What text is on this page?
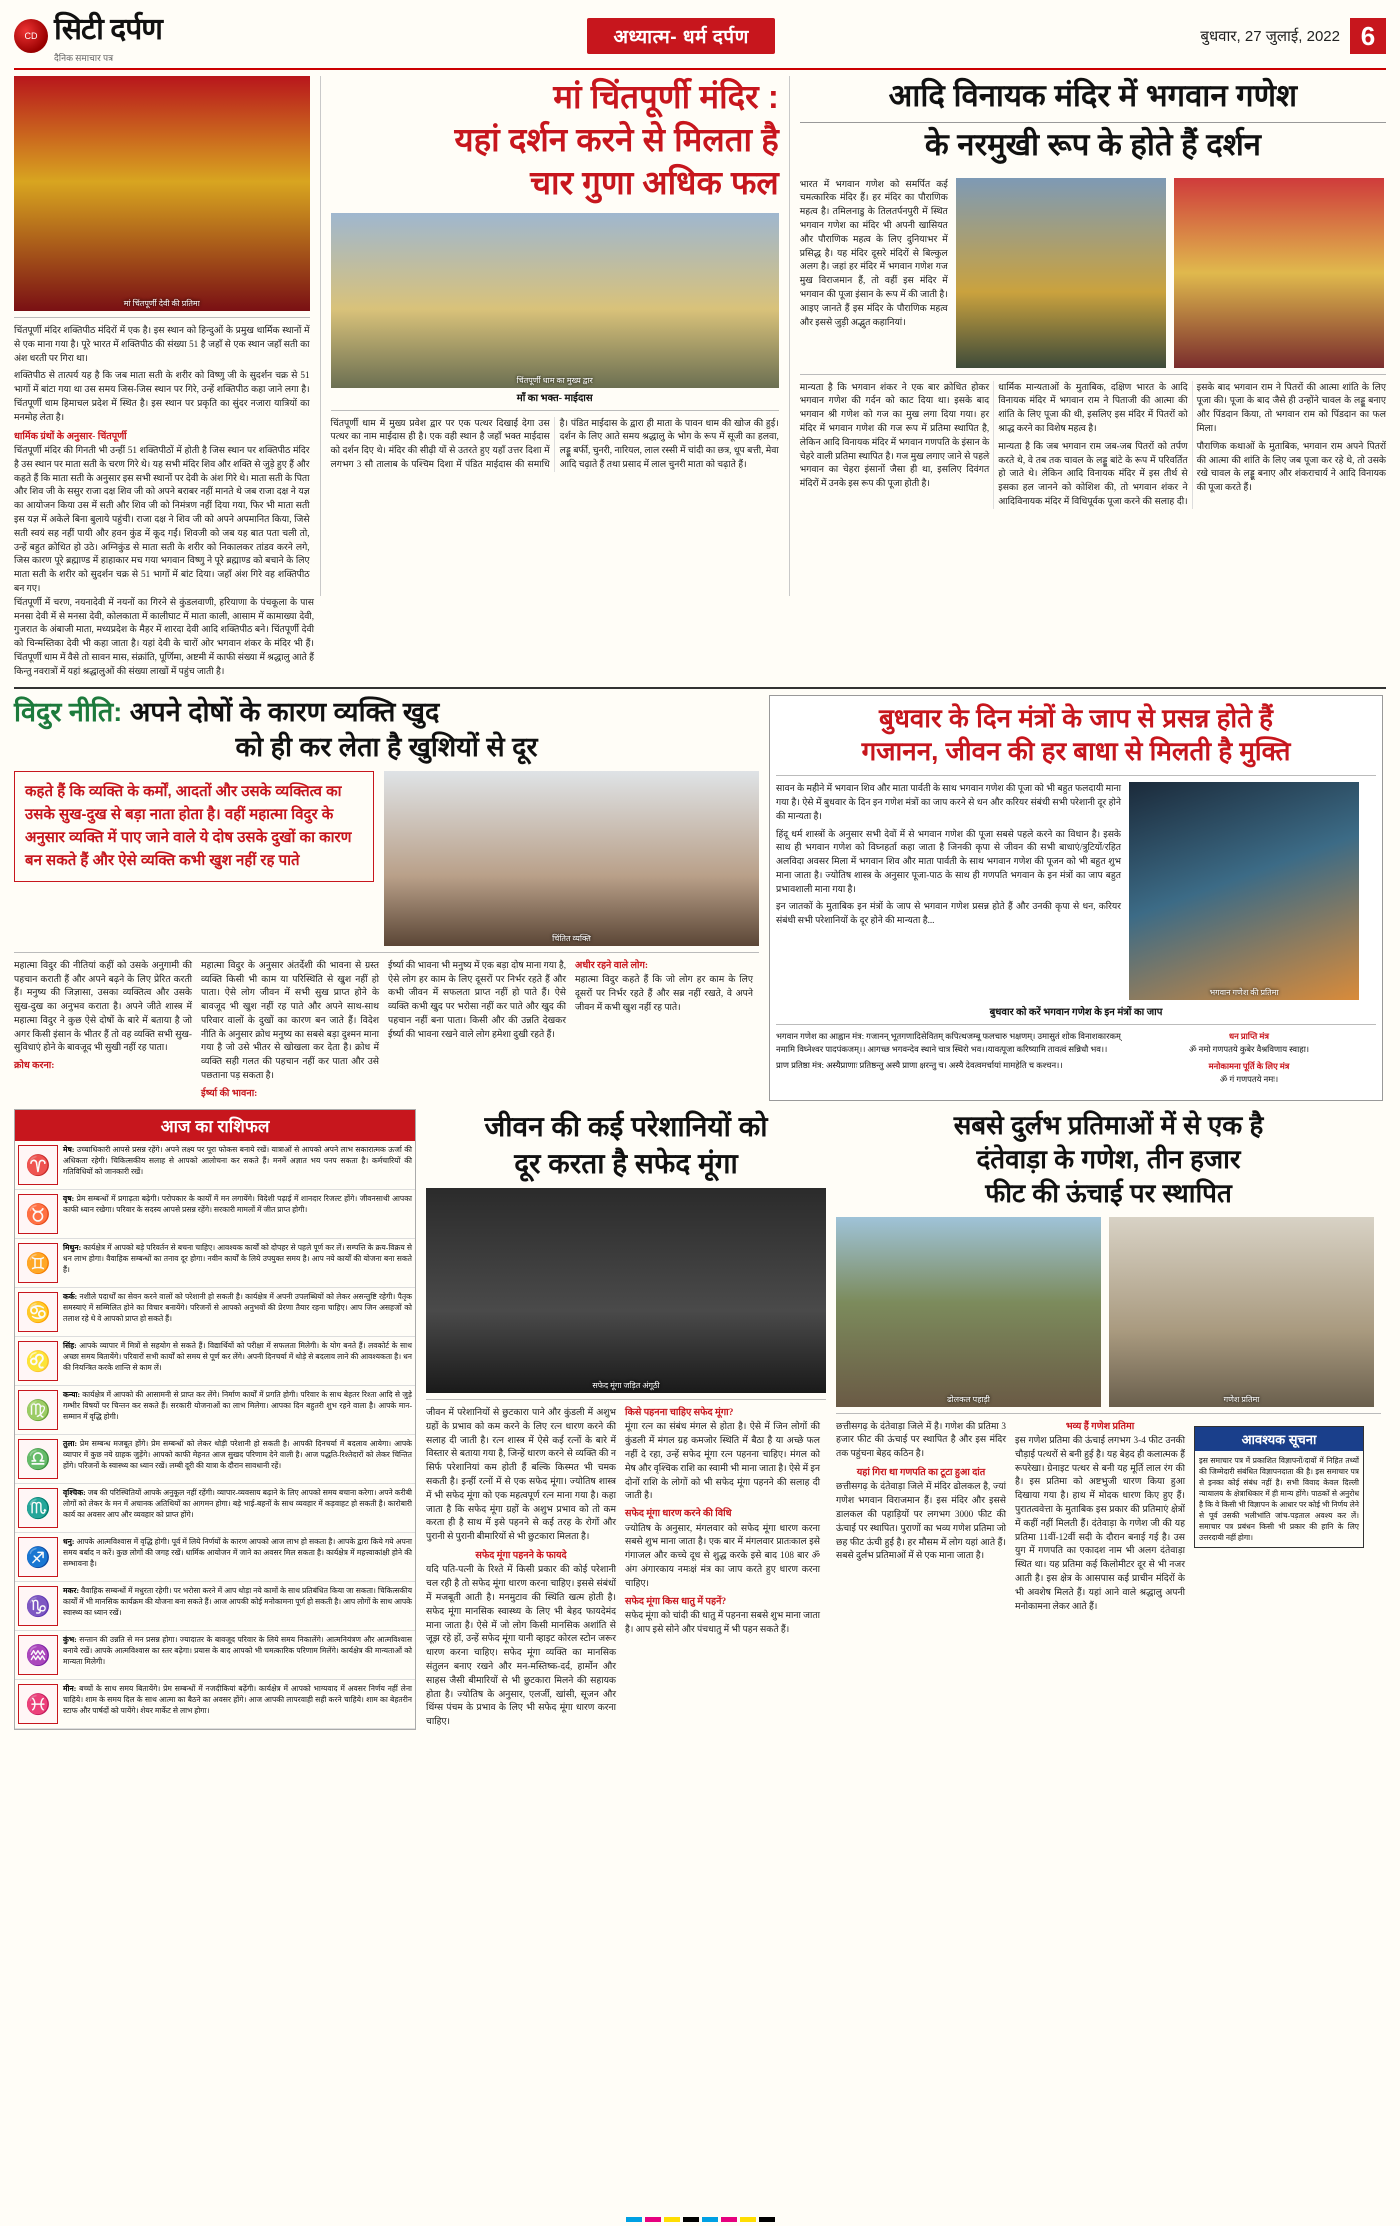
CD सिटी दर्पण
दैनिक समाचार पत्र
अध्यात्म- धर्म दर्पण	बुधवार, 27 जुलाई, 2022 6
मां चिंतपूर्णी देवी की प्रतिमा
चिंतपूर्णी मंदिर शक्तिपीठ मंदिरों में एक है। इस स्थान को हिन्दुओं के प्रमुख धार्मिक स्थानों में से एक माना गया है। पूरे भारत में शक्तिपीठ की संख्या 51 है जहाँ से एक स्थान जहाँ सती का अंश धरती पर गिरा था।
शक्तिपीठ से तात्पर्य यह है कि जब माता सती के शरीर को विष्णु जी के सुदर्शन चक्र से 51 भागों में बांटा गया था उस समय जिस-जिस स्थान पर गिरे, उन्हें शक्तिपीठ कहा जाने लगा है। चिंतपूर्णी धाम हिमाचल प्रदेश में स्थित है। इस स्थान पर प्रकृति का सुंदर नजारा यात्रियों का मनमोह लेता है।
धार्मिक ग्रंथों के अनुसार- चिंतपूर्णी
चिंतपूर्णी मंदिर की गिनती भी उन्हीं 51 शक्तिपीठों में होती है जिस स्थान पर शक्तिपीठ मंदिर है उस स्थान पर माता सती के चरण गिरे थे। यह सभी मंदिर शिव और शक्ति से जुड़े हुए हैं और कहते हैं कि माता सती के अनुसार इस सभी स्थानों पर देवी के अंश गिरे थे। माता सती के पिता और शिव जी के ससुर राजा दक्ष शिव जी को अपने बराबर नहीं मानते थे जब राजा दक्ष ने यज्ञ का आयोजन किया उस में सती और शिव जी को निमंत्रण नहीं दिया गया, फिर भी माता सती इस यज्ञ में अकेले बिना बुलाये पहुंची। राजा दक्ष ने शिव जी को अपने अपमानित किया, जिसे सती स्वयं सह नहीं पायी और हवन कुंड में कूद गईं। शिवजी को जब यह बात पता चली तो, उन्हें बहुत क्रोधित हो उठे। अग्निकुंड से माता सती के शरीर को निकालकर तांडव करने लगे, जिस कारण पूरे ब्रह्माण्ड में हाहाकार मच गया भगवान विष्णु ने पूरे ब्रह्माण्ड को बचाने के लिए माता सती के शरीर को सुदर्शन चक्र से 51 भागों में बांट दिया। जहाँ अंश गिरे वह शक्तिपीठ बन गए।
मां चिंतपूर्णी मंदिर :
यहां दर्शन करने से मिलता है
चार गुणा अधिक फल
चिंतपूर्णी धाम का मुख्य द्वार
माँ का भक्त- माईदास
चिंतपूर्णी धाम में मुख्य प्रवेश द्वार पर एक पत्थर दिखाई देगा उस पत्थर का नाम माईदास ही है। एक वही स्थान है जहाँ भक्त माईदास को दर्शन दिए थे। मंदिर की सीढ़ी यों से उतरते हुए यहाँ उत्तर दिशा में लगभग 3 सौ तालाब के पश्चिम दिशा में पंडित माईदास की समाधि है। पंडित माईदास के द्वारा ही माता के पावन धाम की खोज की हुई। दर्शन के लिए आते समय श्रद्धालु के भोग के रूप में सूजी का हलवा, लड्डू बर्फी, चुनरी, नारियल, लाल रस्सी में चांदी का छत्र, धूप बत्ती, मेवा आदि चढ़ाते हैं तथा प्रसाद में लाल चुनरी माता को चढ़ाते हैं।
आदि विनायक मंदिर में भगवान गणेश
के नरमुखी रूप के होते हैं दर्शन
भारत में भगवान गणेश को समर्पित कई चमत्कारिक मंदिर हैं। हर मंदिर का पौराणिक महत्व है। तमिलनाडु के तिलतर्पनपुरी में स्थित भगवान गणेश का मंदिर भी अपनी खासियत और पौराणिक महत्व के लिए दुनियाभर में प्रसिद्ध है। यह मंदिर दूसरे मंदिरों से बिल्कुल अलग है। जहां हर मंदिर में भगवान गणेश गज मुख विराजमान हैं, तो वहीं इस मंदिर में भगवान की पूजा इंसान के रूप में की जाती है। आइए जानते हैं इस मंदिर के पौराणिक महत्व और इससे जुड़ी अद्भुत कहानियां।
मान्यता है कि भगवान शंकर ने एक बार क्रोधित होकर भगवान गणेश की गर्दन को काट दिया था। इसके बाद भगवान श्री गणेश को गज का मुख लगा दिया गया। हर मंदिर में भगवान गणेश की गज रूप में प्रतिमा स्थापित है, लेकिन आदि विनायक मंदिर में भगवान गणपति के इंसान के चेहरे वाली प्रतिमा स्थापित है। गज मुख लगाए जाने से पहले भगवान का चेहरा इंसानों जैसा ही था, इसलिए दिवंगत मंदिरों में उनके इस रूप की पूजा होती है।
धार्मिक मान्यताओं के मुताबिक, दक्षिण भारत के आदि विनायक मंदिर में भगवान राम ने पिताजी की आत्मा की शांति के लिए पूजा की थी, इसलिए इस मंदिर में पितरों को श्राद्ध करने का विशेष महत्व है।
मान्यता है कि जब भगवान राम जब-जब पितरों को तर्पण करते थे, वे तब तक चावल के लड्डू बांटे के रूप में परिवर्तित हो जाते थे। लेकिन आदि विनायक मंदिर में इस तीर्थ से इसका हल जानने को कोशिश की, तो भगवान शंकर ने आदिविनायक मंदिर में विधिपूर्वक पूजा करने की सलाह दी। इसके बाद भगवान राम ने पितरों की आत्मा शांति के लिए पूजा की। पूजा के बाद जैसे ही उन्होंने चावल के लड्डू बनाए और पिंडदान किया, तो भगवान राम को पिंडदान का फल मिला।
पौराणिक कथाओं के मुताबिक, भगवान राम अपने पितरों की आत्मा की शांति के लिए जब पूजा कर रहे थे, तो उसके रखे चावल के लड्डू बनाए और शंकराचार्य ने आदि विनायक की पूजा करते हैं।
चिंतपूर्णी में चरण, नयनादेवी में नयनों का गिरने से कुंडलवाणी, हरियाणा के पंचकूला के पास मनसा देवी में से मनसा देवी, कोलकाता में कालीघाट में माता काली, आसाम में कामाख्या देवी, गुजरात के अंबाजी माता, मध्यप्रदेश के मैहर में शारदा देवी आदि शक्तिपीठ बने। चिंतपूर्णी देवी को चिन्मस्तिका देवी भी कहा जाता है। यहां देवी के चारों ओर भगवान शंकर के मंदिर भी हैं। चिंतपूर्णी धाम में वैसे तो सावन मास, संक्रांति, पूर्णिमा, अष्टमी में काफी संख्या में श्रद्धालु आते हैं किन्तु नवरात्रों में यहां श्रद्धालुओं की संख्या लाखों में पहुंच जाती है।
विदुर नीति: अपने दोषों के कारण व्यक्ति खुद
को ही कर लेता है खुशियों से दूर
कहते हैं कि व्यक्ति के कर्मों, आदतों और उसके व्यक्तित्व का उसके सुख-दुख से बड़ा नाता होता है। वहीं महात्मा विदुर के अनुसार व्यक्ति में पाए जाने वाले ये दोष उसके दुखों का कारण बन सकते हैं और ऐसे व्यक्ति कभी खुश नहीं रह पाते
चिंतित व्यक्ति
महात्मा विदुर की नीतियां कहीं को उसके अनुगामी की पहचान कराती हैं और अपने बढ़ने के लिए प्रेरित करती हैं। मनुष्य की जिज्ञासा, उसका व्यक्तित्व और उसके सुख-दुख का अनुभव कराता है। अपने जीते शास्त्र में महात्मा विदुर ने कुछ ऐसे दोषों के बारे में बताया है जो अगर किसी इंसान के भीतर हैं तो वह व्यक्ति सभी सुख-सुविधाएं होने के बावजूद भी सुखी नहीं रह पाता।
क्रोध करना:
महात्मा विदुर के अनुसार अंतर्देशी की भावना से ग्रस्त व्यक्ति किसी भी काम या परिस्थिति से खुश नहीं हो पाता। ऐसे लोग जीवन में सभी सुख प्राप्त होने के बावजूद भी खुश नहीं रह पाते और अपने साथ-साथ परिवार वालों के दुखों का कारण बन जाते हैं। विदेश नीति के अनुसार क्रोध मनुष्य का सबसे बड़ा दुश्मन माना गया है जो उसे भीतर से खोखला कर देता है। क्रोध में व्यक्ति सही गलत की पहचान नहीं कर पाता और उसे पछताना पड़ सकता है।
ईर्ष्या की भावना:
ईर्ष्या की भावना भी मनुष्य में एक बड़ा दोष माना गया है, ऐसे लोग हर काम के लिए दूसरों पर निर्भर रहते हैं और कभी जीवन में सफलता प्राप्त नहीं हो पाते हैं। ऐसे व्यक्ति कभी खुद पर भरोसा नहीं कर पाते और खुद की पहचान नहीं बना पाता। किसी और की उन्नति देखकर ईर्ष्या की भावना रखने वाले लोग हमेशा दुखी रहते हैं।
अधीर रहने वाले लोग:
महात्मा विदुर कहते हैं कि जो लोग हर काम के लिए दूसरों पर निर्भर रहते हैं और सब्र नहीं रखते, वे अपने जीवन में कभी खुश नहीं रह पाते।
बुधवार के दिन मंत्रों के जाप से प्रसन्न होते हैं
गजानन, जीवन की हर बाधा से मिलती है मुक्ति
सावन के महीने में भगवान शिव और माता पार्वती के साथ भगवान गणेश की पूजा को भी बहुत फलदायी माना गया है। ऐसे में बुधवार के दिन इन गणेश मंत्रों का जाप करने से धन और करियर संबंधी सभी परेशानी दूर होने की मान्यता है।
हिंदू धर्म शास्त्रों के अनुसार सभी देवों में से भगवान गणेश की पूजा सबसे पहले करने का विधान है। इसके साथ ही भगवान गणेश को विघ्नहर्ता कहा जाता है जिनकी कृपा से जीवन की सभी बाधाएं/त्रुटियों/रहित अलविदा अवसर मिला में भगवान शिव और माता पार्वती के साथ भगवान गणेश की पूजन को भी बहुत शुभ माना जाता है। ज्योतिष शास्त्र के अनुसार पूजा-पाठ के साथ ही गणपति भगवान के इन मंत्रों का जाप बहुत प्रभावशाली माना गया है।
इन जातकों के मुताबिक इन मंत्रों के जाप से भगवान गणेश प्रसन्न होते हैं और उनकी कृपा से धन, करियर संबंधी सभी परेशानियों के दूर होने की मान्यता है...
भगवान गणेश की प्रतिमा
बुधवार को करें भगवान गणेश के इन मंत्रों का जाप
भगवान गणेश का आह्वान मंत्र: गजानन् भूतगणादिसेवितम् कपित्थजम्बू फलचारु भक्षणम्। उमासुतं शोक विनाशकारकम् नमामि विघ्नेश्वर पादपंकजम्।। आगच्छ भगवन्देव स्थाने चात्र स्थिरो भव।।यावत्पूजा करिष्यामि तावत्वं सन्निधौ भव।।
प्राण प्रतिष्ठा मंत्र: अस्यैप्राणाः प्रतिष्ठन्तु अस्यै प्राणा क्षरन्तु च। अस्यै देवत्वमर्चायां मामहेति च कश्चन।।
धन प्राप्ति मंत्र
ॐ नमो गणपतये कुबेर वैश्रविणाय स्वाहा।
मनोकामना पूर्ति के लिए मंत्र
ॐ गं गणपतये नमः।
आज का राशिफल
♈
मेष: उच्चाधिकारी आपसे प्रसन्न रहेंगे। अपने लक्ष्य पर पूरा फोकस बनाये रखें। यात्राओं से आपको अपने लाभ सकारात्मक ऊर्जा की अधिकता रहेगी। चिकित्सकीय सलाह से आपको आलोचना कर सकते हैं। मनमें अज्ञात भय पनप सकता है। कर्मचारियों की गतिविधियों को जानकारी रखें।
♉
वृष: प्रेम सम्बन्धों में प्रगाढ़ता बढ़ेगी। परोपकार के कार्यों में मन लगायेंगे। विदेशी पढ़ाई में शानदार रिजल्ट होंगे। जीवनसाथी आपका काफी ध्यान रखेगा। परिवार के सदस्य आपसे प्रसन्न रहेंगे। सरकारी मामलों में जीत प्राप्त होगी।
♊
मिथुन: कार्यक्षेत्र में आपको बड़े परिवर्तन से बचना चाहिए। आवश्यक कार्यों को दोपहर से पहले पूर्ण कर लें। सम्पत्ति के क्रय-विक्रय से धन लाभ होगा। वैवाहिक सम्बन्धों का तनाव दूर होगा। नवीन कार्यों के लिये उपयुक्त समय है। आप नये कार्यों की योजना बना सकते हैं।
♋
कर्क: नशीले पदार्थों का सेवन करने वालों को परेशानी हो सकती है। कार्यक्षेत्र में अपनी उपलब्धियों को लेकर असन्तुष्टि रहेगी। पैतृक समस्याएं में सम्मिलित होने का विचार बनायेंगे। परिजनों से आपको अनुभवों की प्रेरणा तैयार रहना चाहिए। आप जिन असहजों को तलाश रहे थे वे आपको प्राप्त हो सकते हैं।
♌
सिंह: आपके व्यापार में मित्रों से सहयोग से सकते हैं। विद्यार्थियों को परीक्षा में सफलता मिलेगी। के योग बनते हैं। लवकोर्ट के साथ अच्छा समय बितायेंगे। परिवारों सभी कार्यों को समय से पूर्ण कर लेंगे। अपनी दिनचर्या में थोड़े से बदलाव लाने की आवश्यकता है। धन की नियन्त्रित करके शान्ति से काम लें।
♍
कन्या: कार्यक्षेत्र में आपको की आसामनी से प्राप्त कर लेंगे। निर्माण कार्यों में प्रगति होगी। परिवार के साथ बेहतर रिश्ता आदि से जुड़े गम्भीर विषयों पर चिन्तन कर सकते हैं। सरकारी योजनाओं का लाभ मिलेगा। आपका दिन बहुतरी शुभ रहने वाला है। आपके मान-सम्मान में वृद्धि होगी।
♎
तुला: प्रेम सम्बन्ध मजबूत होंगे। प्रेम सम्बन्धों को लेकर थोड़ी परेशानी हो सकती है। आपकी दिनचर्या में बदलाव आयेगा। आपके व्यापार में कुछ नये ग्राहक जुड़ेंगे। आपको काफी मेहनत आज सुखद परिणाम देने वाली है। आज पद्धति-रिश्तेदारों को लेकर चिन्तित होंगे। परिजनों के स्वास्थ्य का ध्यान रखें। लम्बी दूरी की यात्रा के दौरान सावधानी रहें।
♏
वृश्चिक: जब की परिस्थितियों आपके अनुकूल नहीं रहेंगी। व्यापार-व्यवसाय बढ़ाने के लिए आपको समय बचाना करेगा। अपने करीबी लोगों को लेकर के मन में अचानक अतिथियों का आगमन होगा। बड़े भाई-बहनों के साथ व्यवहार में कड़वाहट हो सकती है। कारोबारी कार्य का अवसर आप और व्यवहार को प्राप्त होंगे।
♐
धनु: आपके आत्मविश्वास में वृद्धि होगी। पूर्व में लिये निर्णयों के कारण आपको आज लाभ हो सकता है। आपके द्वारा किये गये अपना समय बर्बाद न करें। कुछ लोगों की जगह रखें। धार्मिक आयोजन में जाने का अवसर मिल सकता है। कार्यक्षेत्र में महत्त्वाकांक्षी होने की सम्भावना है।
♑
मकर: वैवाहिक सम्बन्धों में मधुरता रहेगी। पर भरोसा करने में आप थोड़ा नये कामों के साथ प्रतिबंधित किया जा सकता। चिकित्सकीय कार्यों में भी मानसिक कार्यक्रम की योजना बना सकते हैं। आज आपकी कोई मनोकामना पूर्ण हो सकती है। आप लोगों के साथ आपके स्वास्थ्य का ध्यान रखें।
♒
कुंभ: सन्तान की उन्नति से मन प्रसन्न होगा। ज्यादातर के बावजूद परिवार के लिये समय निकालेंगे। आत्मनियंत्रण और आत्मविश्वास बनाये रखें। आपके आत्मविश्वास का स्तर बढ़ेगा। प्रयास के बाद आपको भी चमत्कारिक परिणाम मिलेंगे। कार्यक्षेत्र की मान्यताओं को मान्यता मिलेगी।
♓
मीन: बच्चों के साथ समय बितायेंगे। प्रेम सम्बन्धों में नजदीकियां बढ़ेंगी। कार्यक्षेत्र में आपको भाग्यवाद में अवसर निर्णय नहीं लेना चाहिये। शाम के समय दिल के साथ आत्मा का बैठने का अवसर होंगे। आज आपकी लापरवाही सही करने चाहिये। शाम का बेहतरीन स्टाफ और पार्षदों को पायेंगे। शेयर मार्केट से लाभ होगा।
जीवन की कई परेशानियों को
दूर करता है सफेद मूंगा
सफेद मूंगा जड़ित अंगूठी
जीवन में परेशानियों से छुटकारा पाने और कुंडली में अशुभ ग्रहों के प्रभाव को कम करने के लिए रत्न धारण करने की सलाह दी जाती है। रत्न शास्त्र में ऐसे कई रत्नों के बारे में विस्तार से बताया गया है, जिन्हें धारण करने से व्यक्ति की न सिर्फ परेशानियां कम होती हैं बल्कि किस्मत भी चमक सकती है। इन्हीं रत्नों में से एक सफेद मूंगा। ज्योतिष शास्त्र में भी सफेद मूंगा को एक महत्वपूर्ण रत्न माना गया है। कहा जाता है कि सफेद मूंगा ग्रहों के अशुभ प्रभाव को तो कम करता ही है साथ में इसे पहनने से कई तरह के रोगों और पुरानी से पुरानी बीमारियों से भी छुटकारा मिलता है।
सफेद मूंगा पहनने के फायदे
यदि पति-पत्नी के रिश्ते में किसी प्रकार की कोई परेशानी चल रही है तो सफेद मूंगा धारण करना चाहिए। इससे संबंधों में मजबूती आती है। मनमुटाव की स्थिति खत्म होती है। सफेद मूंगा मानसिक स्वास्थ्य के लिए भी बेहद फायदेमंद माना जाता है। ऐसे में जो लोग किसी मानसिक अशांति से जूझ रहे हों, उन्हें सफेद मूंगा यानी व्हाइट कोरल स्टोन जरूर धारण करना चाहिए। सफेद मूंगा व्यक्ति का मानसिक संतुलन बनाए रखने और मन-मस्तिष्क-दर्द, हार्मोन और साहस जैसी बीमारियों से भी छुटकारा मिलने की सहायक होता है। ज्योतिष के अनुसार, एलर्जी, खांसी, सूजन और थिंग्स पंचम के प्रभाव के लिए भी सफेद मूंगा धारण करना चाहिए।
किसे पहनना चाहिए सफेद मूंगा?
मूंगा रत्न का संबंध मंगल से होता है। ऐसे में जिन लोगों की कुंडली में मंगल ग्रह कमजोर स्थिति में बैठा है या अच्छे फल नहीं दे रहा, उन्हें सफेद मूंगा रत्न पहनना चाहिए। मंगल को मेष और वृश्चिक राशि का स्वामी भी माना जाता है। ऐसे में इन दोनों राशि के लोगों को भी सफेद मूंगा पहनने की सलाह दी जाती है।
सफेद मूंगा धारण करने की विधि
ज्योतिष के अनुसार, मंगलवार को सफेद मूंगा धारण करना सबसे शुभ माना जाता है। एक बार में मंगलवार प्रातःकाल इसे गंगाजल और कच्चे दूध से शुद्ध करके इसे बाद 108 बार ॐ अंग अंगारकाय नमःक्षं मंत्र का जाप करते हुए धारण करना चाहिए।
सफेद मूंगा किस धातु में पहनें?
सफेद मूंगा को चांदी की धातु में पहनना सबसे शुभ माना जाता है। आप इसे सोने और पंचधातु में भी पहन सकते हैं।
सबसे दुर्लभ प्रतिमाओं में से एक है
दंतेवाड़ा के गणेश, तीन हजार
फीट की ऊंचाई पर स्थापित
ढोलकल पहाड़ी	गणेश प्रतिमा
छत्तीसगढ़ के दंतेवाड़ा जिले में है। गणेश की प्रतिमा 3 हजार फीट की ऊंचाई पर स्थापित है और इस मंदिर तक पहुंचना बेहद कठिन है।
यहां गिरा था गणपति का टूटा हुआ दांत
छत्तीसगढ़ के दंतेवाड़ा जिले में मंदिर ढोलकल है, ज्यां गणेश भगवान विराजमान हैं। इस मंदिर और इससे डालकल की पहाड़ियों पर लगभग 3000 फीट की ऊंचाई पर स्थापित। पुराणों का भव्य गणेश प्रतिमा जो छह फीट ऊंची हुई है। हर मौसम में लोग यहां आते हैं। सबसे दुर्लभ प्रतिमाओं में से एक माना जाता है।
भव्य हैं गणेश प्रतिमा
इस गणेश प्रतिमा की ऊंचाई लगभग 3-4 फीट उनकी चौड़ाई पत्थरों से बनी हुई है। यह बेहद ही कलात्मक हैं रूपरेखा। ग्रेनाइट पत्थर से बनी यह मूर्ति लाल रंग की है। इस प्रतिमा को अष्टभुजी धारण किया हुआ दिखाया गया है। हाथ में मोदक धारण किए हुए हैं। पुरातत्ववेत्ता के मुताबिक इस प्रकार की प्रतिमाएं क्षेत्रों में कहीं नहीं मिलती हैं। दंतेवाड़ा के गणेश जी की यह प्रतिमा 11वीं-12वीं सदी के दौरान बनाई गई है। उस युग में गणपति का एकादश नाम भी अलग दंतेवाड़ा स्थित था। यह प्रतिमा कई किलोमीटर दूर से भी नजर आती है। इस क्षेत्र के आसपास कई प्राचीन मंदिरों के भी अवशेष मिलते हैं। यहां आने वाले श्रद्धालु अपनी मनोकामना लेकर आते हैं।
आवश्यक सूचना
इस समाचार पत्र में प्रकाशित विज्ञापनों/दावों में निहित तथ्यों की जिम्मेदारी संबंधित विज्ञापनदाता की है। इस समाचार पत्र से इनका कोई संबंध नहीं है। सभी विवाद केवल दिल्ली न्यायालय के क्षेत्राधिकार में ही मान्य होंगे। पाठकों से अनुरोध है कि वे किसी भी विज्ञापन के आधार पर कोई भी निर्णय लेने से पूर्व उसकी भलीभांति जांच-पड़ताल अवश्य कर लें। समाचार पत्र प्रबंधन किसी भी प्रकार की हानि के लिए उत्तरदायी नहीं होगा।
